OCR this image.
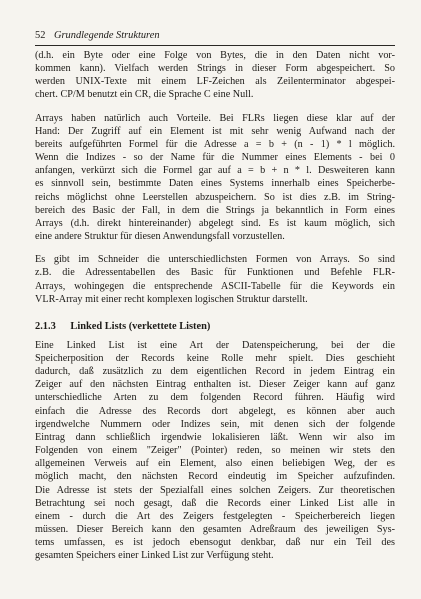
52 Grundlegende Strukturen
(d.h. ein Byte oder eine Folge von Bytes, die in den Daten nicht vor-
kommen kann). Vielfach werden Strings in dieser Form abgespeichert. So
werden UNIX-Texte mit einem LF-Zeichen als Zeilenterminator abgespei-
chert. CP/M benutzt ein CR, die Sprache C eine Null.
Arrays haben natürlich auch Vorteile. Bei FLRs liegen diese klar auf der
Hand: Der Zugriff auf ein Element ist mit sehr wenig Aufwand nach der
bereits aufgeführten Formel für die Adresse a = b + (n - 1) * l möglich.
Wenn die Indizes - so der Name für die Nummer eines Elements - bei 0
anfangen, verkürzt sich die Formel gar auf a = b + n * l. Desweiteren kann
es sinnvoll sein, bestimmte Daten eines Systems innerhalb eines Speicherbe-
reichs möglichst ohne Leerstellen abzuspeichern. So ist dies z.B. im String-
bereich des Basic der Fall, in dem die Strings ja bekanntlich in Form eines
Arrays (d.h. direkt hintereinander) abgelegt sind. Es ist kaum möglich, sich
eine andere Struktur für diesen Anwendungsfall vorzustellen.
Es gibt im Schneider die unterschiedlichsten Formen von Arrays. So sind
z.B. die Adressentabellen des Basic für Funktionen und Befehle FLR-
Arrays, wohingegen die entsprechende ASCII-Tabelle für die Keywords ein
VLR-Array mit einer recht komplexen logischen Struktur darstellt.

2.1.3 Linked Lists (verkettete Listen)

Eine Linked List ist eine Art der Datenspeicherung, bei der die
Speicherposition der Records keine Rolle mehr spielt. Dies geschieht
dadurch, daß zusätzlich zu dem eigentlichen Record in jedem Eintrag ein
Zeiger auf den nächsten Eintrag enthalten ist. Dieser Zeiger kann auf ganz
unterschiedliche Arten zu dem folgenden Record führen. Häufig wird
einfach die Adresse des Records dort abgelegt, es können aber auch
irgendwelche Nummern oder Indizes sein, mit denen sich der folgende
Eintrag dann schließlich irgendwie lokalisieren läßt. Wenn wir also im
Folgenden von einem "Zeiger" (Pointer) reden, so meinen wir stets den
allgemeinen Verweis auf ein Element, also einen beliebigen Weg, der es
möglich macht, den nächsten Record eindeutig im Speicher aufzufinden.
Die Adresse ist stets der Spezialfall eines solchen Zeigers. Zur theoretischen
Betrachtung sei noch gesagt, daß die Records einer Linked List alle in
einem - durch die Art des Zeigers festgelegten - Speicherbereich liegen
müssen. Dieser Bereich kann den gesamten Adreßraum des jeweiligen Sys-
tems umfassen, es ist jedoch ebensogut denkbar, daß nur ein Teil des
gesamten Speichers einer Linked List zur Verfügung steht.
